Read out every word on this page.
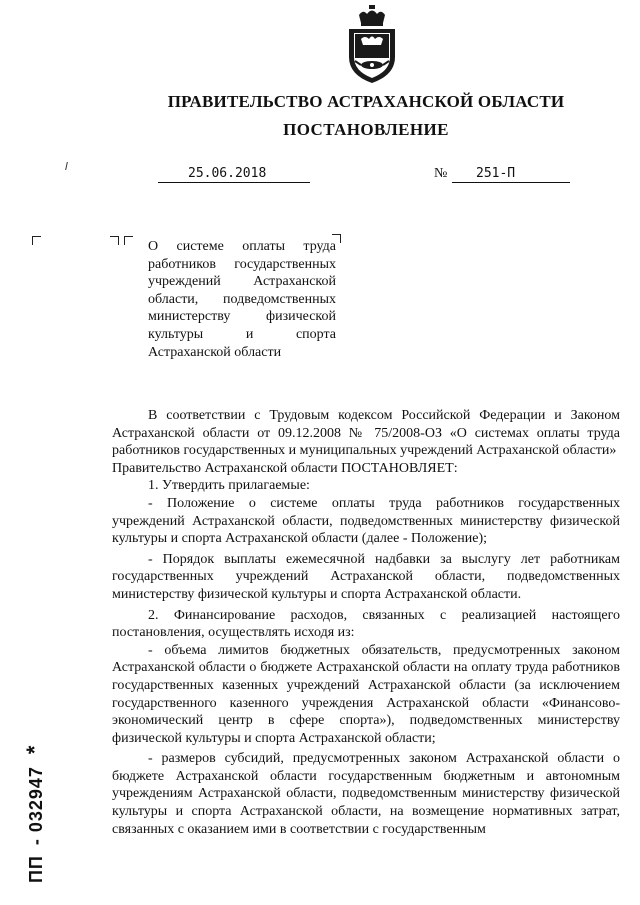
ПРАВИТЕЛЬСТВО АСТРАХАНСКОЙ ОБЛАСТИ
ПОСТАНОВЛЕНИЕ
25.06.2018	№ 251-П

О системе оплаты труда работников государственных учреждений Астраханской области, подведомственных министерству физической культуры и спорта Астраханской области

В соответствии с Трудовым кодексом Российской Федерации и Законом Астраханской области от 09.12.2008 № 75/2008-ОЗ «О системах оплаты труда работников государственных и муниципальных учреждений Астраханской области»

Правительство Астраханской области ПОСТАНОВЛЯЕТ:

1. Утвердить прилагаемые:

- Положение о системе оплаты труда работников государственных учреждений Астраханской области, подведомственных министерству физической культуры и спорта Астраханской области (далее - Положение);

- Порядок выплаты ежемесячной надбавки за выслугу лет работникам государственных учреждений Астраханской области, подведомственных министерству физической культуры и спорта Астраханской области.

2. Финансирование расходов, связанных с реализацией настоящего постановления, осуществлять исходя из:

- объема лимитов бюджетных обязательств, предусмотренных законом Астраханской области о бюджете Астраханской области на оплату труда работников государственных казенных учреждений Астраханской области (за исключением государственного казенного учреждения Астраханской области «Финансово-экономический центр в сфере спорта»), подведомственных министерству физической культуры и спорта Астраханской области;

- размеров субсидий, предусмотренных законом Астраханской области о бюджете Астраханской области государственным бюджетным и автономным учреждениям Астраханской области, подведомственным министерству физической культуры и спорта Астраханской области, на возмещение нормативных затрат, связанных с оказанием ими в соответствии с государственным

ПП- 032947*
